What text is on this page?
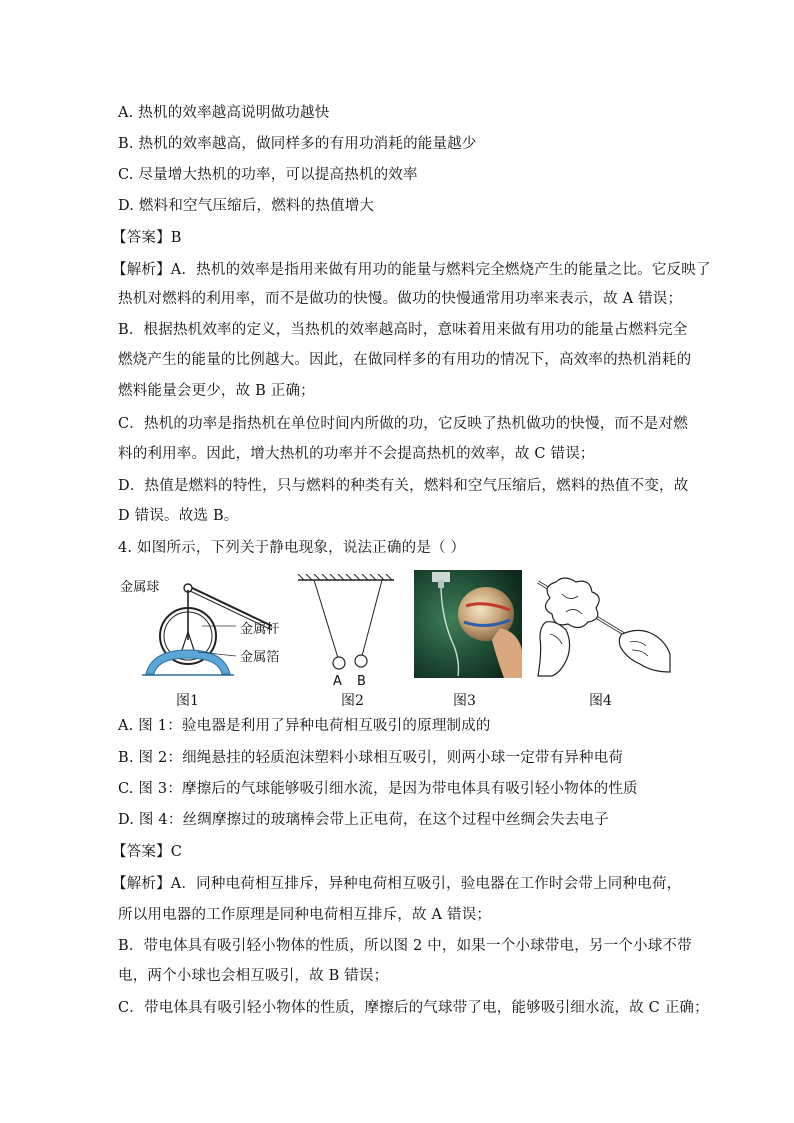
A. 热机的效率越高说明做功越快
B. 热机的效率越高，做同样多的有用功消耗的能量越少
C. 尽量增大热机的功率，可以提高热机的效率
D. 燃料和空气压缩后，燃料的热值增大
【答案】B
【解析】A．热机的效率是指用来做有用功的能量与燃料完全燃烧产生的能量之比。它反映了
热机对燃料的利用率，而不是做功的快慢。做功的快慢通常用功率来表示，故 A 错误；
B．根据热机效率的定义，当热机的效率越高时，意味着用来做有用功的能量占燃料完全
燃烧产生的能量的比例越大。因此，在做同样多的有用功的情况下，高效率的热机消耗的
燃料能量会更少，故 B 正确；
C．热机的功率是指热机在单位时间内所做的功，它反映了热机做功的快慢，而不是对燃
料的利用率。因此，增大热机的功率并不会提高热机的效率，故 C 错误；
D．热值是燃料的特性，只与燃料的种类有关，燃料和空气压缩后，燃料的热值不变，故
D 错误。故选 B。
4. 如图所示，下列关于静电现象，说法正确的是（ ）
金属球
金属杆
金属箔
A B
图1	图2	图3	图4
A. 图 1：验电器是利用了异种电荷相互吸引的原理制成的
B. 图 2：细绳悬挂的轻质泡沫塑料小球相互吸引，则两小球一定带有异种电荷
C. 图 3：摩擦后的气球能够吸引细水流，是因为带电体具有吸引轻小物体的性质
D. 图 4：丝绸摩擦过的玻璃棒会带上正电荷，在这个过程中丝绸会失去电子
【答案】C
【解析】A．同种电荷相互排斥，异种电荷相互吸引，验电器在工作时会带上同种电荷，
所以用电器的工作原理是同种电荷相互排斥，故 A 错误；
B．带电体具有吸引轻小物体的性质，所以图 2 中，如果一个小球带电，另一个小球不带
电，两个小球也会相互吸引，故 B 错误；
C．带电体具有吸引轻小物体的性质，摩擦后的气球带了电，能够吸引细水流，故 C 正确；
